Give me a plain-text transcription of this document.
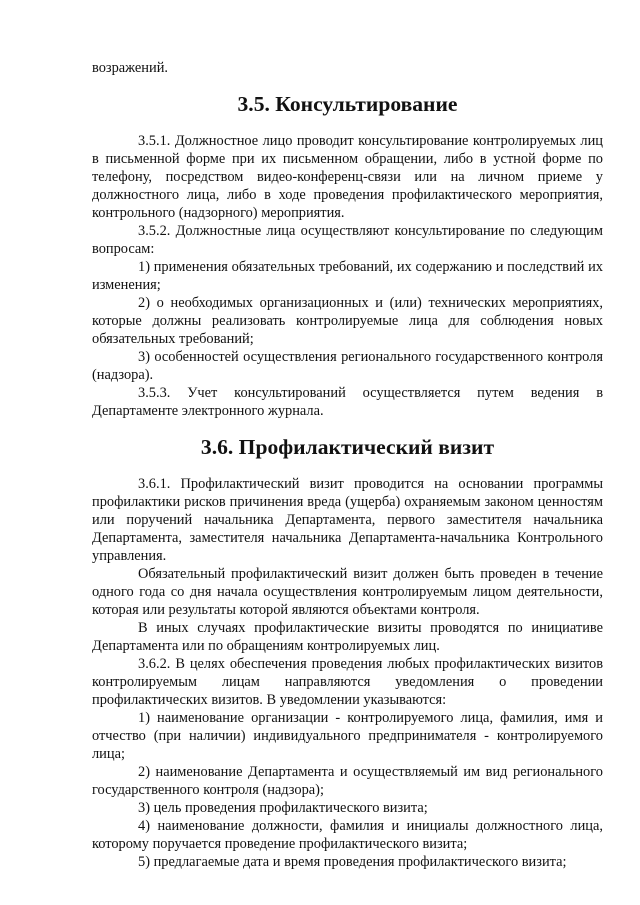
возражений.

3.5. Консультирование

3.5.1. Должностное лицо проводит консультирование контролируемых лиц в письменной форме при их письменном обращении, либо в устной форме по телефону, посредством видео-конференц-связи или на личном приеме у должностного лица, либо в ходе проведения профилактического мероприятия, контрольного (надзорного) мероприятия.

3.5.2. Должностные лица осуществляют консультирование по следующим вопросам:

1) применения обязательных требований, их содержанию и последствий их изменения;

2) о необходимых организационных и (или) технических мероприятиях, которые должны реализовать контролируемые лица для соблюдения новых обязательных требований;

3) особенностей осуществления регионального государственного контроля (надзора).

3.5.3. Учет консультирований осуществляется путем ведения в Департаменте электронного журнала.

3.6. Профилактический визит

3.6.1. Профилактический визит проводится на основании программы профилактики рисков причинения вреда (ущерба) охраняемым законом ценностям или поручений начальника Департамента, первого заместителя начальника Департамента, заместителя начальника Департамента-начальника Контрольного управления.

Обязательный профилактический визит должен быть проведен в течение одного года со дня начала осуществления контролируемым лицом деятельности, которая или результаты которой являются объектами контроля.

В иных случаях профилактические визиты проводятся по инициативе Департамента или по обращениям контролируемых лиц.

3.6.2. В целях обеспечения проведения любых профилактических визитов контролируемым лицам направляются уведомления о проведении профилактических визитов. В уведомлении указываются:

1) наименование организации - контролируемого лица, фамилия, имя и отчество (при наличии) индивидуального предпринимателя - контролируемого лица;

2) наименование Департамента и осуществляемый им вид регионального государственного контроля (надзора);

3) цель проведения профилактического визита;

4) наименование должности, фамилия и инициалы должностного лица, которому поручается проведение профилактического визита;

5) предлагаемые дата и время проведения профилактического визита;
